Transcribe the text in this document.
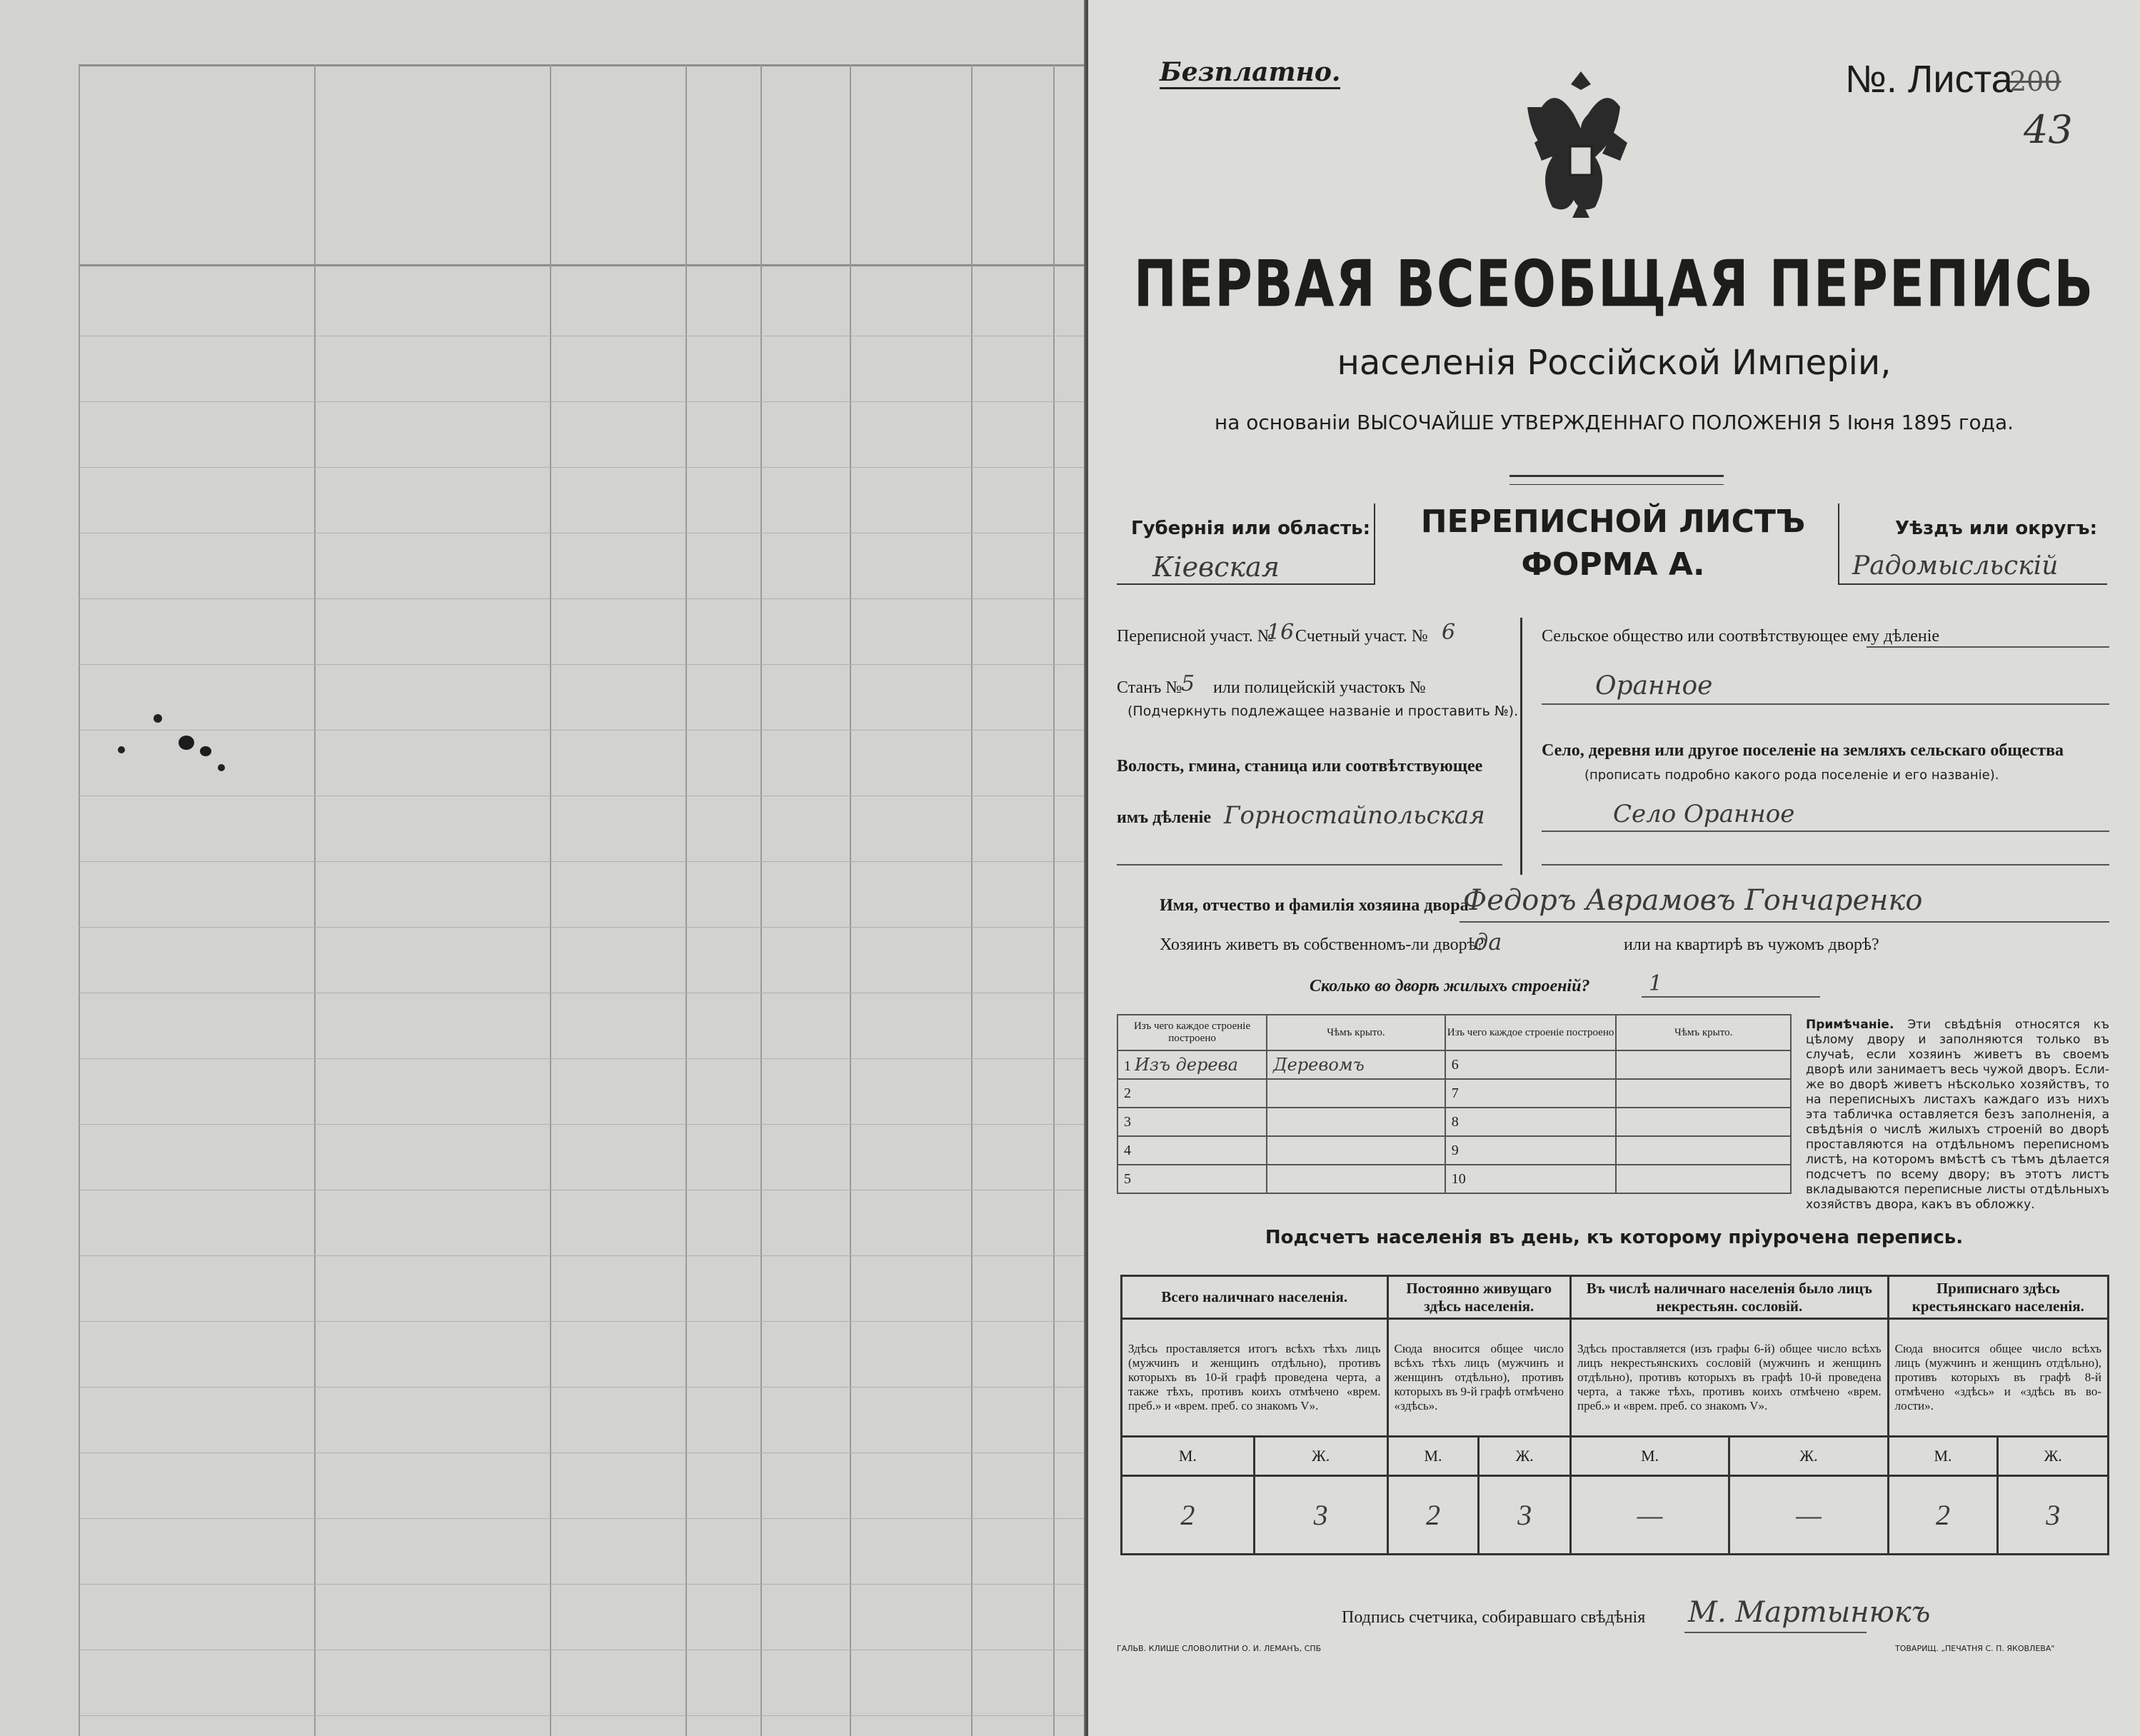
Безплатно.	№. Листа
200
43
ПЕРВАЯ ВСЕОБЩАЯ ПЕРЕПИСЬ
населенія Россійской Имперіи,
на основаніи ВЫСОЧАЙШЕ УТВЕРЖДЕННАГО ПОЛОЖЕНІЯ 5 Іюня 1895 года.
Губернія или область:
Кіевская
ПЕРЕПИСНОЙ ЛИСТЪ
ФОРМА А.
Уѣздъ или округъ:
Радомысльскій
Переписной участ. №
16 Счетный участ. № 6
Станъ №
5 или полицейскій участокъ №
(Подчеркнуть подлежащее названіе и проставить №).
Волость, гмина, станица или соотвѣтствующее
имъ дѣленіе Горностайпольская
Сельское общество или соотвѣтствующее ему дѣленіе
Оранное
Село, деревня или другое поселеніе на земляхъ сельскаго общества
(прописать подробно какого рода поселеніе и его названіе).
Село Оранное
Имя, отчество и фамилія хозяина двора
Федоръ Аврамовъ Гончаренко
Хозяинъ живетъ въ собственномъ-ли дворѣ?
да	или на квартирѣ въ чужомъ дворѣ?
Сколько во дворѣ жилыхъ строеній?	1
Изъ чего каждое строеніе построено	Чѣмъ крыто.	Изъ чего каждое строеніе построено	Чѣмъ крыто.
1 Изъ дерева	Деревомъ	6	
2		7	
3		8	
4		9	
5		10	
Примѣчаніе. Эти свѣдѣнія относятся къ цѣлому двору и заполняются только въ случаѣ, если хозяинъ живетъ въ своемъ дворѣ или занимаетъ весь чужой дворъ. Если-же во дворѣ живетъ нѣсколько хозяйствъ, то на переписныхъ листахъ каждаго изъ нихъ эта табличка оставляется безъ заполненія, а свѣдѣнія о числѣ жилыхъ строеній во дворѣ проставляются на отдѣльномъ переписномъ листѣ, на которомъ вмѣстѣ съ тѣмъ дѣлается подсчетъ по всему двору; въ этотъ листъ вкладываются переписные листы отдѣльныхъ хозяйствъ двора, какъ въ обложку.
Подсчетъ населенія въ день, къ которому пріурочена перепись.
Всего наличнаго населенія.		Постоянно живущаго здѣсь населенія.		Въ числѣ наличнаго населенія было лицъ некрестьян. сословій.		Приписнаго здѣсь крестьянскаго населенія.	
Здѣсь проставляется итогъ всѣхъ тѣхъ лицъ (мужчинъ и женщинъ отдѣльно), противъ которыхъ въ 10-й графѣ проведена черта, а также тѣхъ, противъ коихъ отмѣчено «врем. преб.» и «врем. преб. со знакомъ V».		Сюда вносится общее число всѣхъ тѣхъ лицъ (мужчинъ и женщинъ отдѣльно), противъ которыхъ въ 9-й графѣ отмѣчено «здѣсь».		Здѣсь проставляется (изъ графы 6-й) общее число всѣхъ лицъ некрестьянскихъ сословій (мужчинъ и женщинъ отдѣльно), противъ которыхъ въ графѣ 10-й проведена черта, а также тѣхъ, противъ коихъ отмѣчено «врем. преб.» и «врем. преб. со знакомъ V».		Сюда вносится общее число всѣхъ лицъ (мужчинъ и женщинъ отдѣльно), противъ которыхъ въ графѣ 8-й отмѣчено «здѣсь» и «здѣсь въ во-лости».	
М.	Ж.	М.	Ж.	М.	Ж.	М.	Ж.
2	3	2	3	—	—	2	3
Подпись счетчика, собиравшаго свѣдѣнія М. Мартынюкъ
ГАЛЬВ. КЛИШЕ СЛОВОЛИТНИ О. И. ЛЕМАНЪ, СПБ	ТОВАРИЩ. „ПЕЧАТНЯ С. П. ЯКОВЛЕВА"
